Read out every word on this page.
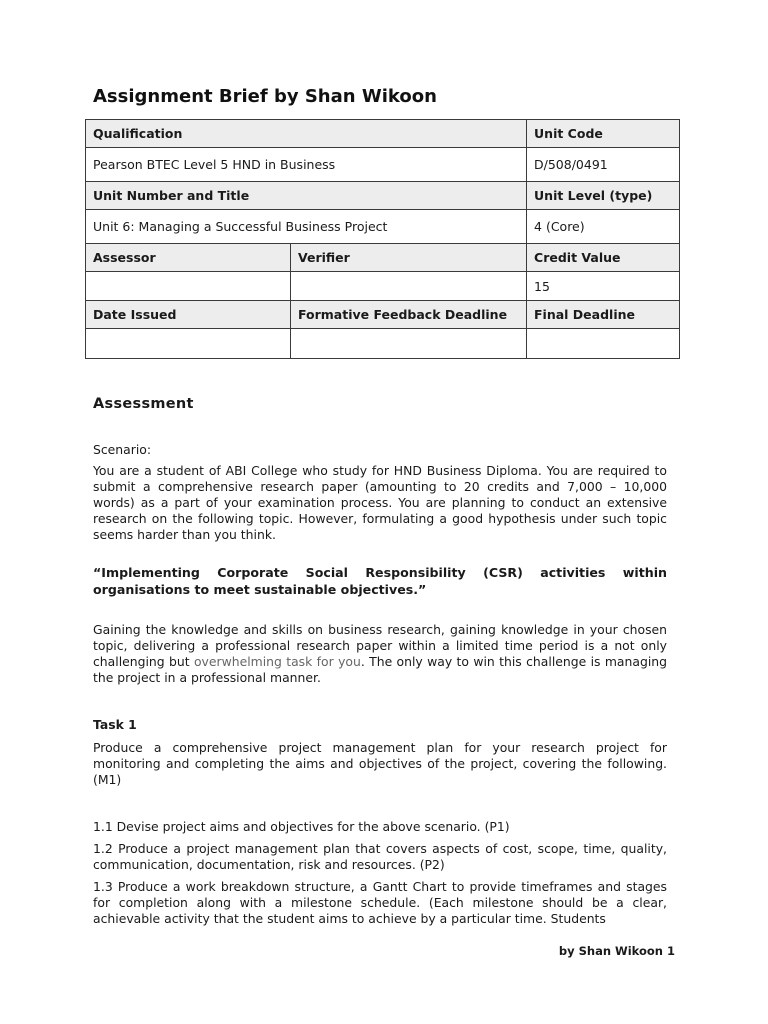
Assignment Brief by Shan Wikoon
Qualification		Unit Code
Pearson BTEC Level 5 HND in Business		D/508/0491
Unit Number and Title		Unit Level (type)
Unit 6: Managing a Successful Business Project		4 (Core)
Assessor	Verifier	Credit Value
		15
Date Issued	Formative Feedback Deadline	Final Deadline

Assessment

Scenario:

You are a student of ABI College who study for HND Business Diploma. You are required to submit a comprehensive research paper (amounting to 20 credits and 7,000 – 10,000 words) as a part of your examination process. You are planning to conduct an extensive research on the following topic. However, formulating a good hypothesis under such topic seems harder than you think.

“Implementing Corporate Social Responsibility (CSR) activities within organisations to meet sustainable objectives.”

Gaining the knowledge and skills on business research, gaining knowledge in your chosen topic, delivering a professional research paper within a limited time period is a not only challenging but overwhelming task for you. The only way to win this challenge is managing the project in a professional manner.

Task 1

Produce a comprehensive project management plan for your research project for monitoring and completing the aims and objectives of the project, covering the following. (M1)

1.1 Devise project aims and objectives for the above scenario. (P1)

1.2 Produce a project management plan that covers aspects of cost, scope, time, quality, communication, documentation, risk and resources. (P2)

1.3 Produce a work breakdown structure, a Gantt Chart to provide timeframes and stages for completion along with a milestone schedule. (Each milestone should be a clear, achievable activity that the student aims to achieve by a particular time. Students

by Shan Wikoon 1
